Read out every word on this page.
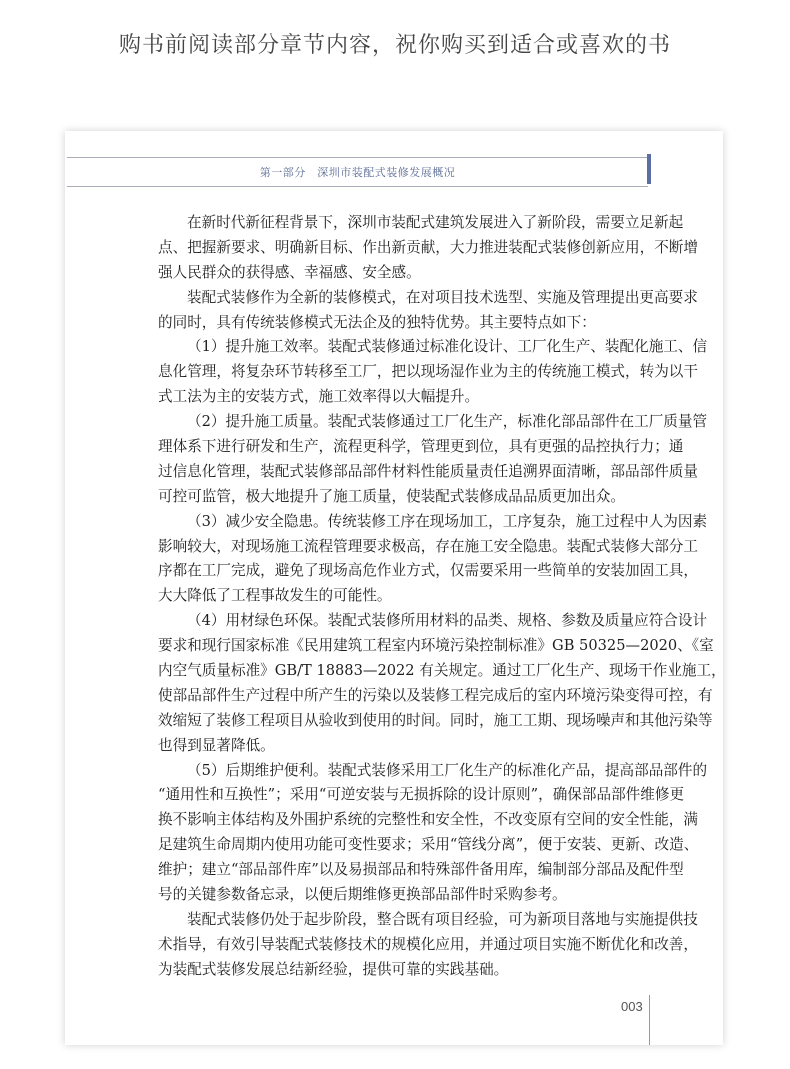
购书前阅读部分章节内容，祝你购买到适合或喜欢的书
第一部分　深圳市装配式装修发展概况
在新时代新征程背景下，深圳市装配式建筑发展进入了新阶段，需要立足新起
点、把握新要求、明确新目标、作出新贡献，大力推进装配式装修创新应用，不断增
强人民群众的获得感、幸福感、安全感。
装配式装修作为全新的装修模式，在对项目技术选型、实施及管理提出更高要求
的同时，具有传统装修模式无法企及的独特优势。其主要特点如下：
（1）提升施工效率。装配式装修通过标准化设计、工厂化生产、装配化施工、信
息化管理，将复杂环节转移至工厂，把以现场湿作业为主的传统施工模式，转为以干
式工法为主的安装方式，施工效率得以大幅提升。
（2）提升施工质量。装配式装修通过工厂化生产，标准化部品部件在工厂质量管
理体系下进行研发和生产，流程更科学，管理更到位，具有更强的品控执行力；通
过信息化管理，装配式装修部品部件材料性能质量责任追溯界面清晰，部品部件质量
可控可监管，极大地提升了施工质量，使装配式装修成品品质更加出众。
（3）减少安全隐患。传统装修工序在现场加工，工序复杂，施工过程中人为因素
影响较大，对现场施工流程管理要求极高，存在施工安全隐患。装配式装修大部分工
序都在工厂完成，避免了现场高危作业方式，仅需要采用一些简单的安装加固工具，
大大降低了工程事故发生的可能性。
（4）用材绿色环保。装配式装修所用材料的品类、规格、参数及质量应符合设计
要求和现行国家标准《民用建筑工程室内环境污染控制标准》GB 50325—2020、《室
内空气质量标准》GB/T 18883—2022 有关规定。通过工厂化生产、现场干作业施工，
使部品部件生产过程中所产生的污染以及装修工程完成后的室内环境污染变得可控，有
效缩短了装修工程项目从验收到使用的时间。同时，施工工期、现场噪声和其他污染等
也得到显著降低。
（5）后期维护便利。装配式装修采用工厂化生产的标准化产品，提高部品部件的
“通用性和互换性”；采用“可逆安装与无损拆除的设计原则”，确保部品部件维修更
换不影响主体结构及外围护系统的完整性和安全性，不改变原有空间的安全性能，满
足建筑生命周期内使用功能可变性要求；采用“管线分离”，便于安装、更新、改造、
维护；建立“部品部件库”以及易损部品和特殊部件备用库，编制部分部品及配件型
号的关键参数备忘录，以便后期维修更换部品部件时采购参考。
装配式装修仍处于起步阶段，整合既有项目经验，可为新项目落地与实施提供技
术指导，有效引导装配式装修技术的规模化应用，并通过项目实施不断优化和改善，
为装配式装修发展总结新经验，提供可靠的实践基础。
003
